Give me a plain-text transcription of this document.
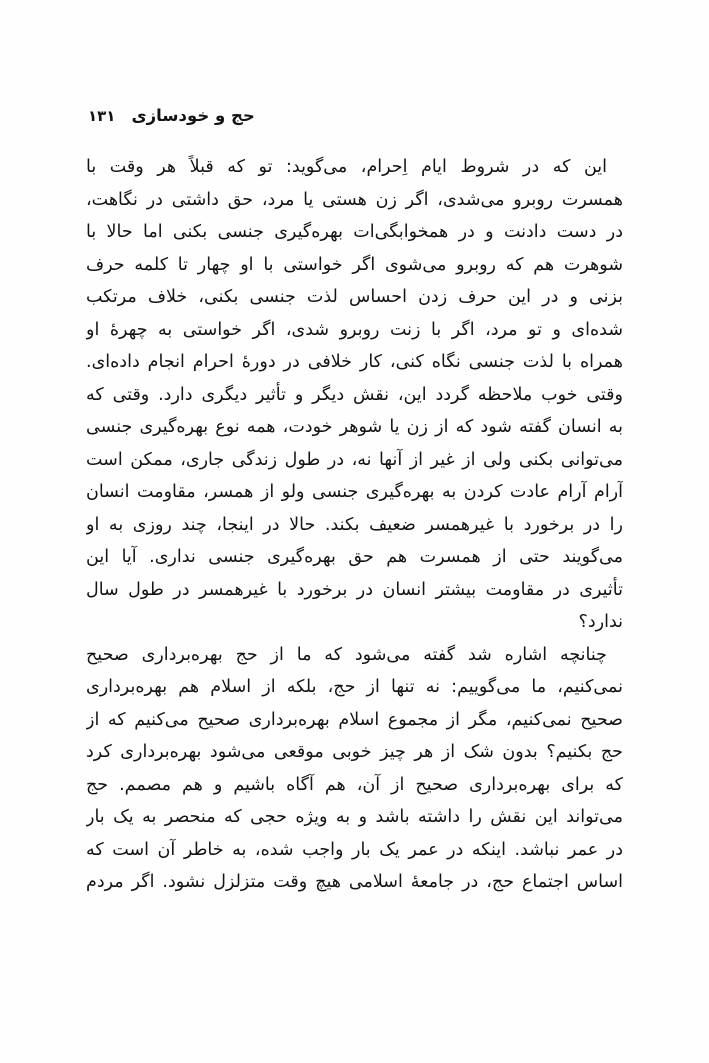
۱۳۱ حج و خودسازی
این که در شروط ایام اِحرام، می‌گوید: تو که قبلاً هر وقت با
همسرت روبرو می‌شدی، اگر زن هستی یا مرد، حق داشتی در نگاهت،
در دست دادنت و در همخوابگی‌ات بهره‌گیری جنسی بکنی اما حالا با
شوهرت هم که روبرو می‌شوی اگر خواستی با او چهار تا کلمه حرف
بزنی و در این حرف زدن احساس لذت جنسی بکنی، خلاف مرتکب
شده‌ای و تو مرد، اگر با زنت روبرو شدی، اگر خواستی به چهرهٔ او
همراه با لذت جنسی نگاه کنی، کار خلافی در دورهٔ احرام انجام داده‌ای.
وقتی خوب ملاحظه گردد این، نقش دیگر و تأثیر دیگری دارد. وقتی که
به انسان گفته شود که از زن یا شوهر خودت، همه نوع بهره‌گیری جنسی
می‌توانی بکنی ولی از غیر از آنها نه، در طول زندگی جاری، ممکن است
آرام آرام عادت کردن به بهره‌گیری جنسی ولو از همسر، مقاومت انسان
را در برخورد با غیرهمسر ضعیف بکند. حالا در اینجا، چند روزی به او
می‌گویند حتی از همسرت هم حق بهره‌گیری جنسی نداری. آیا این
تأثیری در مقاومت بیشتر انسان در برخورد با غیرهمسر در طول سال
ندارد؟
چنانچه اشاره شد گفته می‌شود که ما از حج بهره‌برداری صحیح
نمی‌کنیم، ما می‌گوییم: نه تنها از حج، بلکه از اسلام هم بهره‌برداری
صحیح نمی‌کنیم، مگر از مجموع اسلام بهره‌برداری صحیح می‌کنیم که از
حج بکنیم؟ بدون شک از هر چیز خوبی موقعی می‌شود بهره‌برداری کرد
که برای بهره‌برداری صحیح از آن، هم آگاه باشیم و هم مصمم. حج
می‌تواند این نقش را داشته باشد و به ویژه حجی که منحصر به یک بار
در عمر نباشد. اینکه در عمر یک بار واجب شده، به خاطر آن است که
اساس اجتماع حج، در جامعهٔ اسلامی هیچ وقت متزلزل نشود. اگر مردم
